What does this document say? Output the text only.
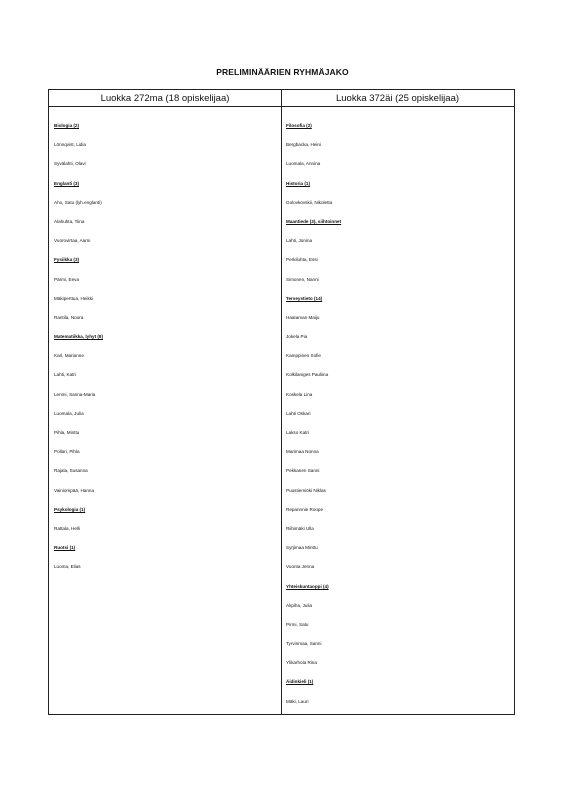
PRELIMINÄÄRIEN RYHMÄJAKO
Luokka 272ma (18 opiskelijaa)	Luokka 372äi (25 opiskelijaa)
Biologia (2)
Lönnqvist, Lidia
Syvälahti, Olavi
Englanti (3)
Aho, Satu (lyh.englanti)
Alahuhta, Tiina
Vuorovirtaa, Aarni
Fysiikka (3)
Pärmi, Eeva
Mäkiperttua, Heikki
Rantila, Noora
Matematiikka, lyhyt (8)
Karl, Marianne
Lahti, Katri
Lenmi, Sanna-Maria
Luomala, Julia
Pihla, Minttu
Pollari, Pihla
Rajala, Susanna
Vainiompää, Hanna
Psykologia (1)
Rattala, Helli
Ruotsi (1)
Luoma, Elias
Filosofia (2)
Bergbacka, Heini
Luomala, Annina
Historia (1)
Golovkovskii, Nikoletta
Maantiede (3), siihtoinnet
Lahti, Jonina
Perkiluhta, Essi
Simonen, Nanni
Terveystieto (14)
Haataman Maiju
Jokela Pia
Kamppinen Sofie
Kolkilaniges Pauliina
Koskela Lina
Lahti Oskari
Lakso Katri
Marimaa Nonna
Pekkanen Sanni
Puustiemiöki Niklas
Repannnie Roope
Riihimäki Ulla
Syrjimaa Minttu
Vuonta Jenna
Yhteiskuntaoppi (4)
Akpiha, Julia
Pirmi, Satu
Tyrvinmaa, Sanni
Ylikarhola Rina
Äidinkieli (1)
Mäki, Lauri
